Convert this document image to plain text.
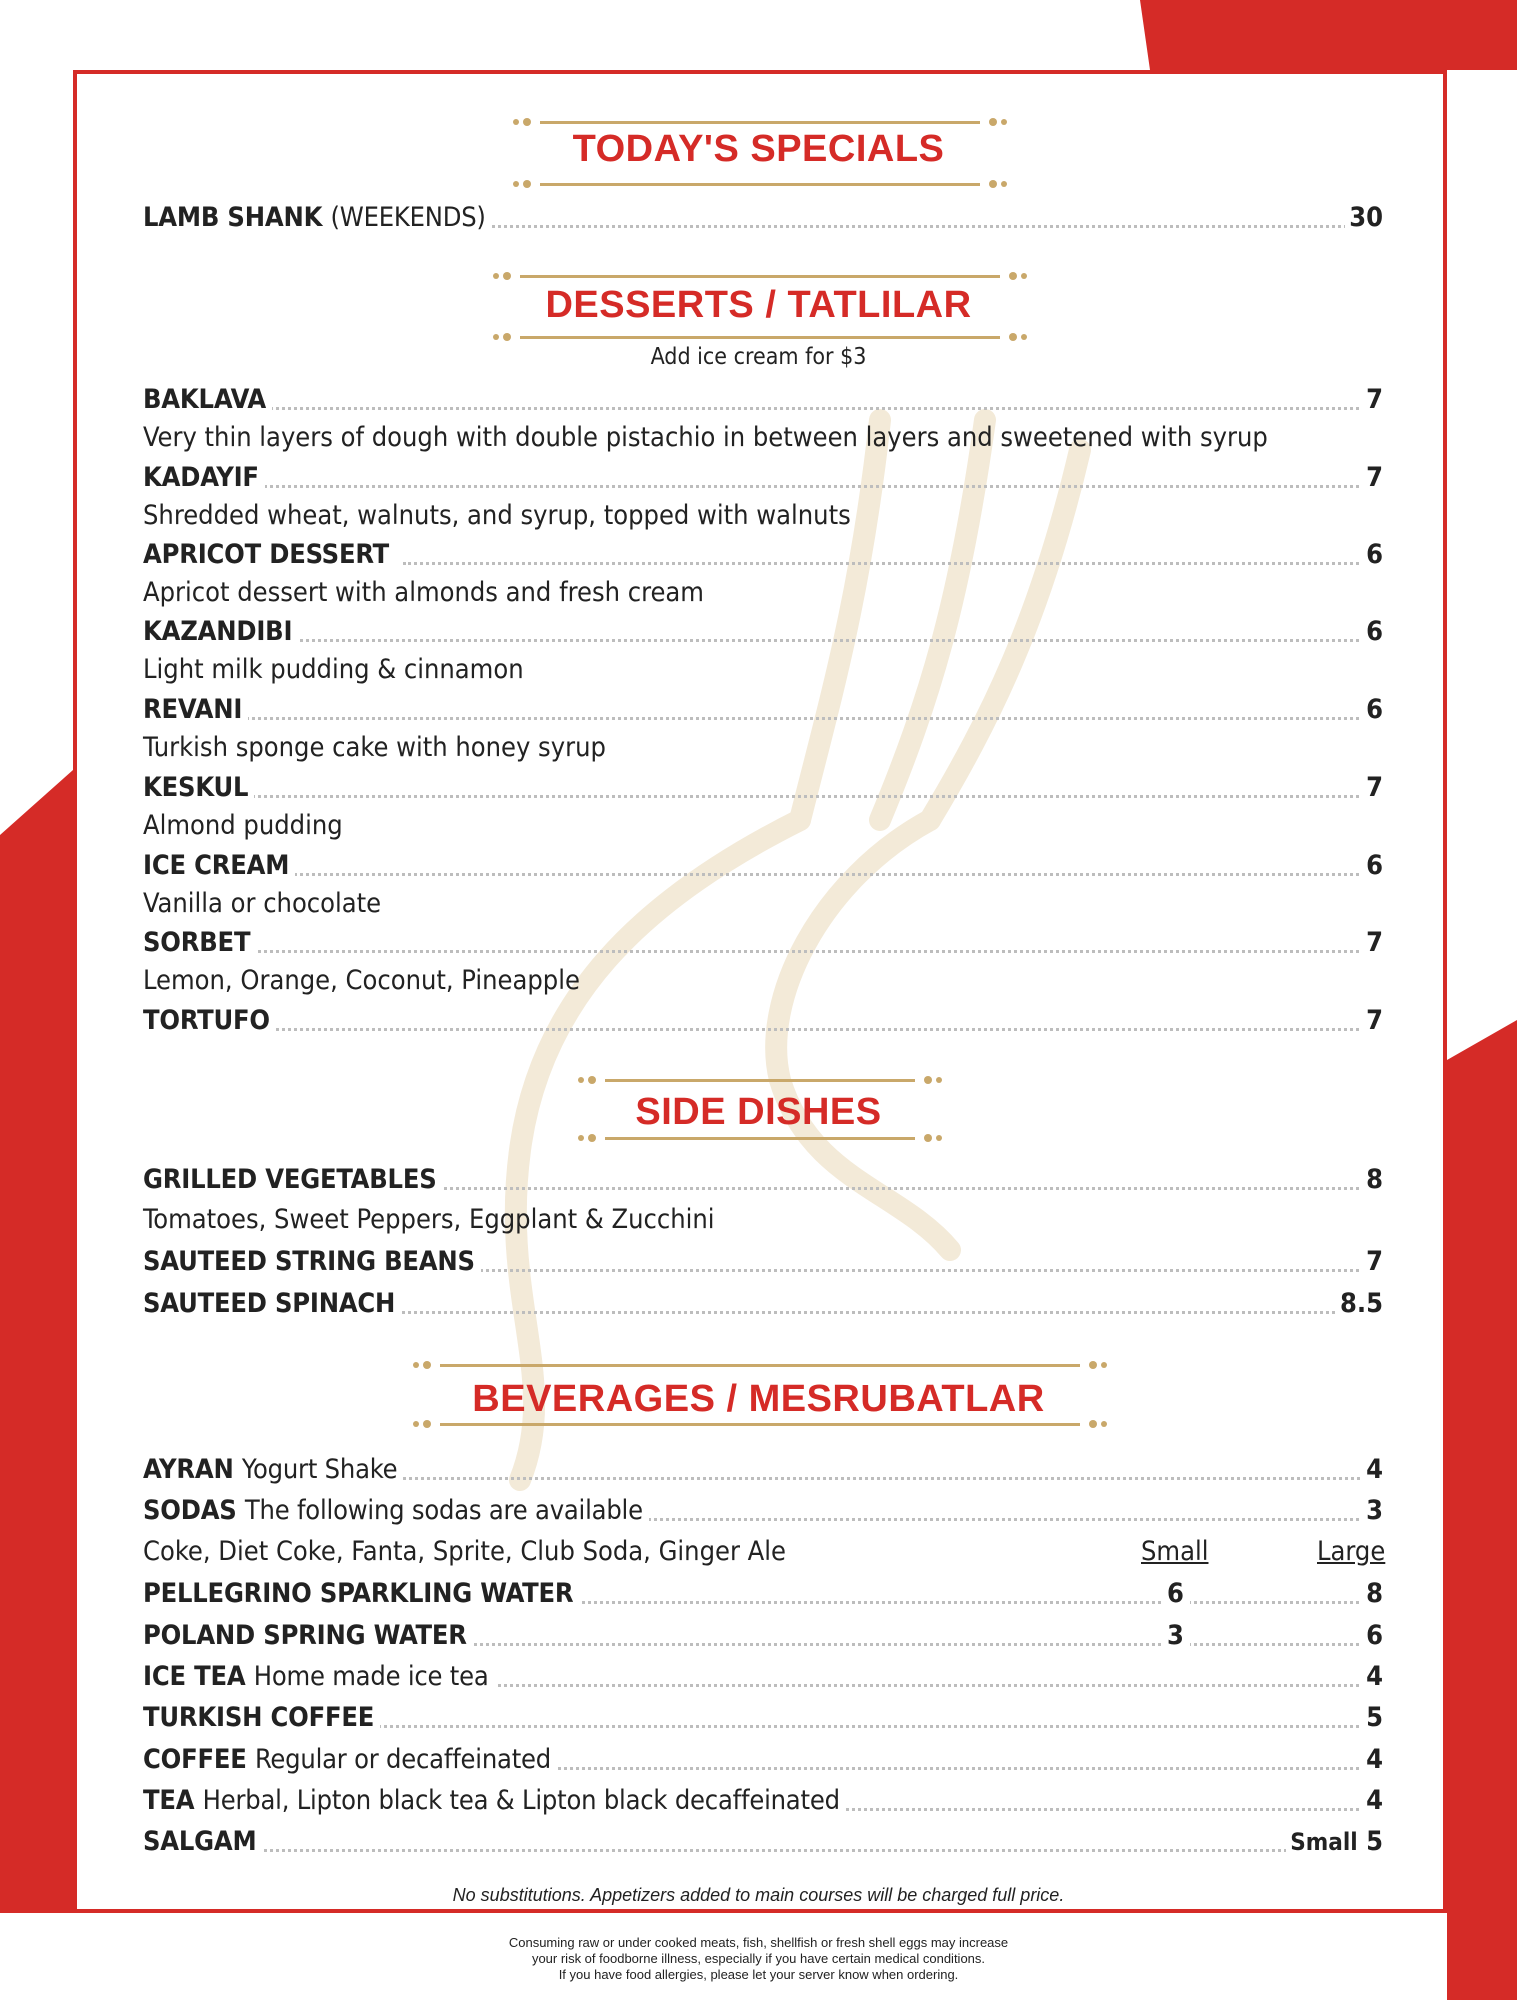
TODAY'S SPECIALS
LAMB SHANK (WEEKENDS)	30
DESSERTS / TATLILAR
Add ice cream for $3
BAKLAVA	7
Very thin layers of dough with double pistachio in between layers and sweetened with syrup
KADAYIF	7
Shredded wheat, walnuts, and syrup, topped with walnuts
APRICOT DESSERT	6
Apricot dessert with almonds and fresh cream
KAZANDIBI	6
Light milk pudding & cinnamon
REVANI	6
Turkish sponge cake with honey syrup
KESKUL	7
Almond pudding
ICE CREAM	6
Vanilla or chocolate
SORBET	7
Lemon, Orange, Coconut, Pineapple
TORTUFO	7
SIDE DISHES
GRILLED VEGETABLES	8
Tomatoes, Sweet Peppers, Eggplant & Zucchini
SAUTEED STRING BEANS	7
SAUTEED SPINACH	8.5
BEVERAGES / MESRUBATLAR
AYRAN Yogurt Shake	4
SODAS The following sodas are available	3
Coke, Diet Coke, Fanta, Sprite, Club Soda, Ginger Ale	Small	Large
PELLEGRINO SPARKLING WATER	6	8
POLAND SPRING WATER	3	6
ICE TEA Home made ice tea	4
TURKISH COFFEE	5
COFFEE Regular or decaffeinated	4
TEA Herbal, Lipton black tea & Lipton black decaffeinated	4
SALGAM	Small 5
No substitutions. Appetizers added to main courses will be charged full price.
Consuming raw or under cooked meats, fish, shellfish or fresh shell eggs may increase
your risk of foodborne illness, especially if you have certain medical conditions.
If you have food allergies, please let your server know when ordering.
